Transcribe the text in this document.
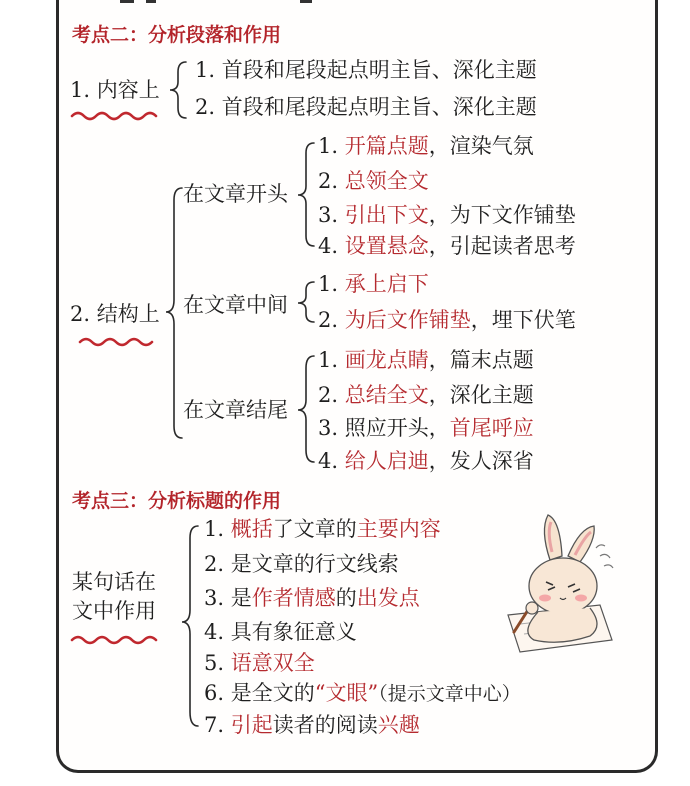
考点二：分析段落和作用
1. 内容上
1. 首段和尾段起点明主旨、深化主题
2. 首段和尾段起点明主旨、深化主题
2. 结构上
在文章开头
在文章中间
在文章结尾
1. 开篇点题，渲染气氛
2. 总领全文
3. 引出下文，为下文作铺垫
4. 设置悬念，引起读者思考
1. 承上启下
2. 为后文作铺垫，埋下伏笔
1. 画龙点睛，篇末点题
2. 总结全文，深化主题
3. 照应开头，首尾呼应
4. 给人启迪，发人深省
考点三：分析标题的作用
某句话在
文中作用
1. 概括了文章的主要内容
2. 是文章的行文线索
3. 是作者情感的出发点
4. 具有象征意义
5. 语意双全
6. 是全文的“文眼”（提示文章中心）
7. 引起读者的阅读兴趣
